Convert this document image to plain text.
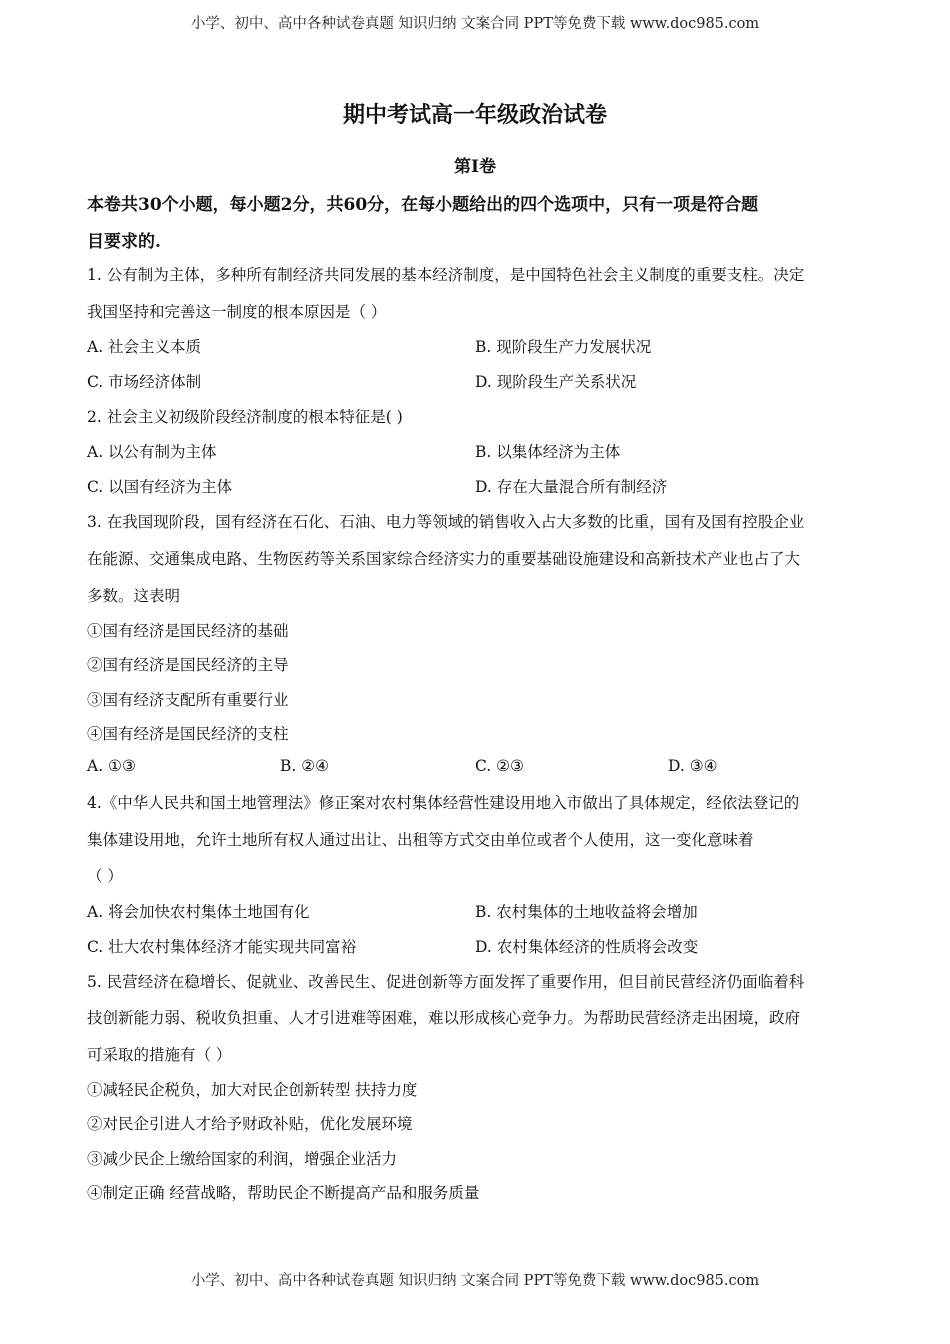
小学、初中、高中各种试卷真题 知识归纳 文案合同 PPT等免费下载 www.doc985.com
期中考试高一年级政治试卷
第Ⅰ卷
本卷共30个小题，每小题2分，共60分，在每小题给出的四个选项中，只有一项是符合题
目要求的.
1. 公有制为主体，多种所有制经济共同发展的基本经济制度，是中国特色社会主义制度的重要支柱。决定
我国坚持和完善这一制度的根本原因是（ ）
A. 社会主义本质	B. 现阶段生产力发展状况
C. 市场经济体制	D. 现阶段生产关系状况
2. 社会主义初级阶段经济制度的根本特征是( )
A. 以公有制为主体	B. 以集体经济为主体
C. 以国有经济为主体	D. 存在大量混合所有制经济
3. 在我国现阶段，国有经济在石化、石油、电力等领域的销售收入占大多数的比重，国有及国有控股企业
在能源、交通集成电路、生物医药等关系国家综合经济实力的重要基础设施建设和高新技术产业也占了大
多数。这表明
①国有经济是国民经济的基础
②国有经济是国民经济的主导
③国有经济支配所有重要行业
④国有经济是国民经济的支柱
A. ①③	B. ②④	C. ②③	D. ③④
4.《中华人民共和国土地管理法》修正案对农村集体经营性建设用地入市做出了具体规定，经依法登记的
集体建设用地，允许土地所有权人通过出让、出租等方式交由单位或者个人使用，这一变化意味着
（ ）
A. 将会加快农村集体土地国有化	B. 农村集体的土地收益将会增加
C. 壮大农村集体经济才能实现共同富裕	D. 农村集体经济的性质将会改变
5. 民营经济在稳增长、促就业、改善民生、促进创新等方面发挥了重要作用，但目前民营经济仍面临着科
技创新能力弱、税收负担重、人才引进难等困难，难以形成核心竞争力。为帮助民营经济走出困境，政府
可采取的措施有（ ）
①减轻民企税负，加大对民企创新转型 扶持力度
②对民企引进人才给予财政补贴，优化发展环境
③减少民企上缴给国家的利润，增强企业活力
④制定正确 经营战略，帮助民企不断提高产品和服务质量
小学、初中、高中各种试卷真题 知识归纳 文案合同 PPT等免费下载 www.doc985.com
